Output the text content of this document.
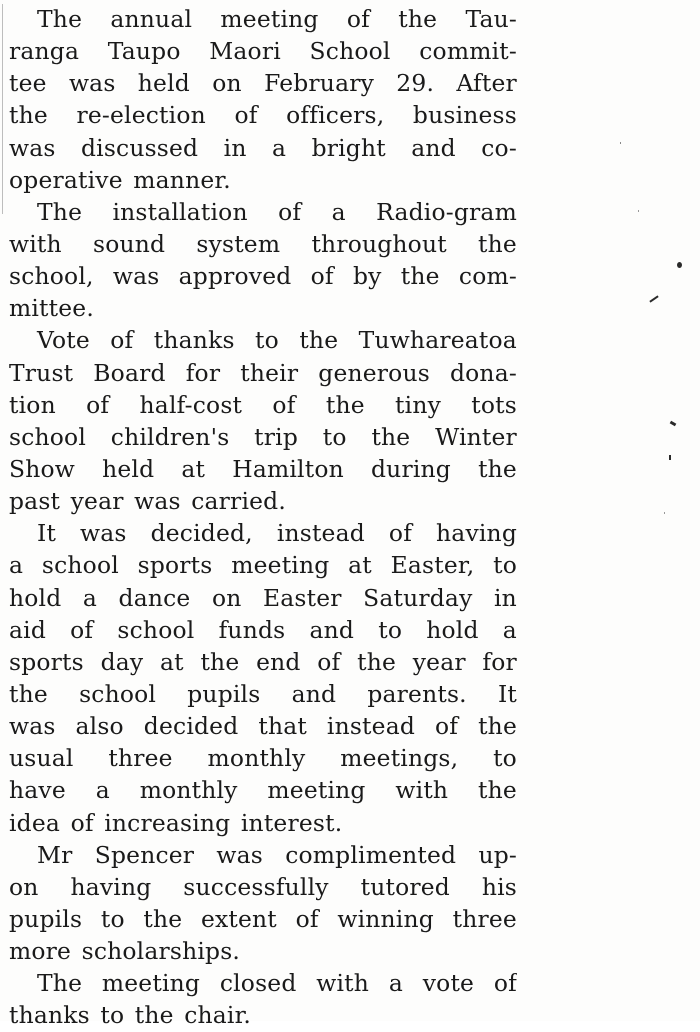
The annual meeting of the Tau-
ranga Taupo Maori School commit-
tee was held on February 29. After
the re-election of officers, business
was discussed in a bright and co-
operative manner.
The installation of a Radio-gram
with sound system throughout the
school, was approved of by the com-
mittee.
Vote of thanks to the Tuwhareatoa
Trust Board for their generous dona-
tion of half-cost of the tiny tots
school children's trip to the Winter
Show held at Hamilton during the
past year was carried.
It was decided, instead of having
a school sports meeting at Easter, to
hold a dance on Easter Saturday in
aid of school funds and to hold a
sports day at the end of the year for
the school pupils and parents. It
was also decided that instead of the
usual three monthly meetings, to
have a monthly meeting with the
idea of increasing interest.
Mr Spencer was complimented up-
on having successfully tutored his
pupils to the extent of winning three
more scholarships.
The meeting closed with a vote of
thanks to the chair.
